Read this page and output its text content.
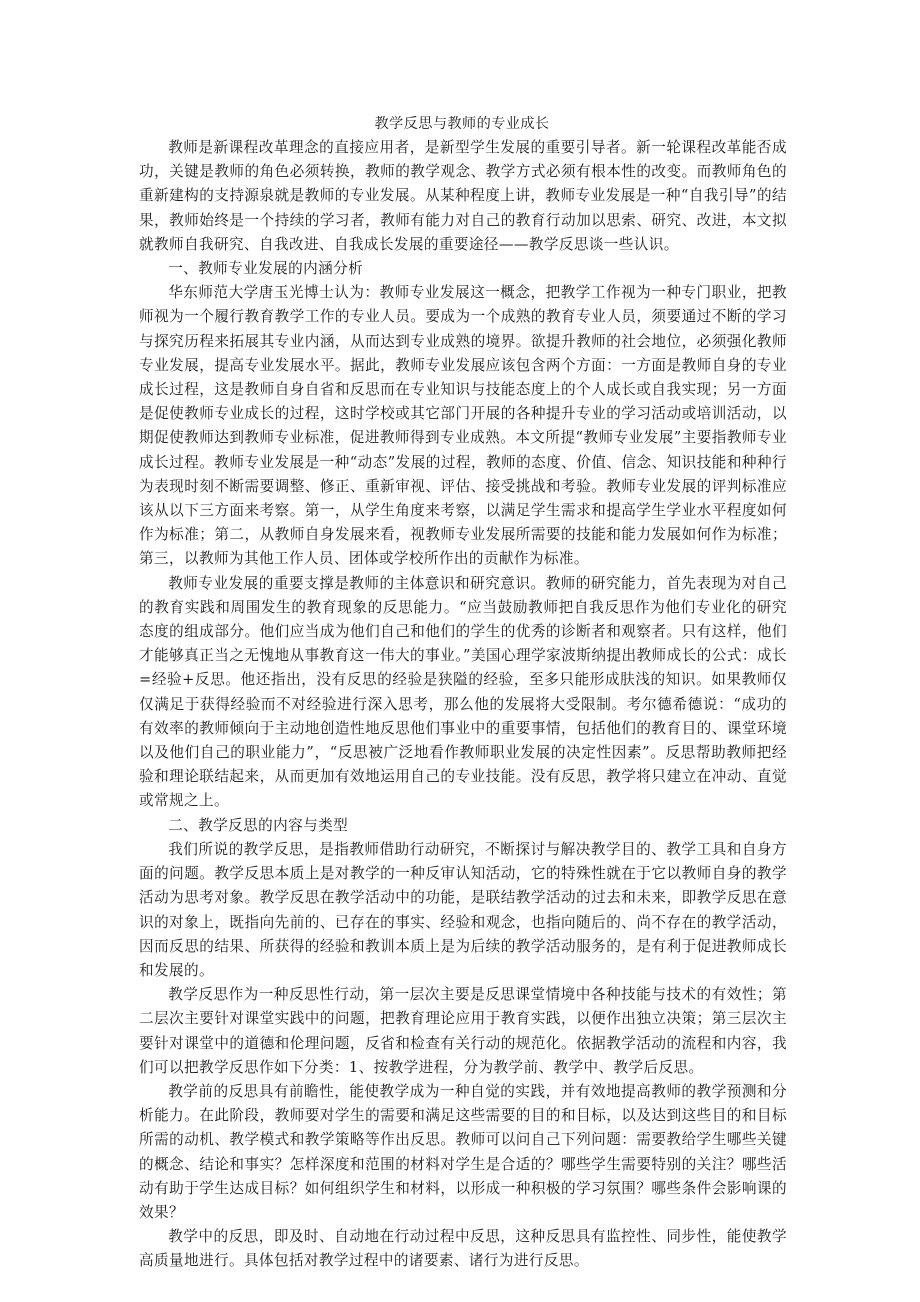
教学反思与教师的专业成长

教师是新课程改革理念的直接应用者，是新型学生发展的重要引导者。新一轮课程改革能否成功，关键是教师的角色必须转换，教师的教学观念、教学方式必须有根本性的改变。而教师角色的重新建构的支持源泉就是教师的专业发展。从某种程度上讲，教师专业发展是一种“自我引导”的结果，教师始终是一个持续的学习者，教师有能力对自己的教育行动加以思索、研究、改进，本文拟就教师自我研究、自我改进、自我成长发展的重要途径——教学反思谈一些认识。

一、教师专业发展的内涵分析

华东师范大学唐玉光博士认为：教师专业发展这一概念，把教学工作视为一种专门职业，把教师视为一个履行教育教学工作的专业人员。要成为一个成熟的教育专业人员，须要通过不断的学习与探究历程来拓展其专业内涵，从而达到专业成熟的境界。欲提升教师的社会地位，必须强化教师专业发展，提高专业发展水平。据此，教师专业发展应该包含两个方面：一方面是教师自身的专业成长过程，这是教师自身自省和反思而在专业知识与技能态度上的个人成长或自我实现；另一方面是促使教师专业成长的过程，这时学校或其它部门开展的各种提升专业的学习活动或培训活动，以期促使教师达到教师专业标准，促进教师得到专业成熟。本文所提“教师专业发展”主要指教师专业成长过程。教师专业发展是一种“动态”发展的过程，教师的态度、价值、信念、知识技能和种种行为表现时刻不断需要调整、修正、重新审视、评估、接受挑战和考验。教师专业发展的评判标准应该从以下三方面来考察。第一，从学生角度来考察，以满足学生需求和提高学生学业水平程度如何作为标准；第二，从教师自身发展来看，视教师专业发展所需要的技能和能力发展如何作为标准；第三，以教师为其他工作人员、团体或学校所作出的贡献作为标准。

教师专业发展的重要支撑是教师的主体意识和研究意识。教师的研究能力，首先表现为对自己的教育实践和周围发生的教育现象的反思能力。“应当鼓励教师把自我反思作为他们专业化的研究态度的组成部分。他们应当成为他们自己和他们的学生的优秀的诊断者和观察者。只有这样，他们才能够真正当之无愧地从事教育这一伟大的事业。”美国心理学家波斯纳提出教师成长的公式：成长=经验+反思。他还指出，没有反思的经验是狭隘的经验，至多只能形成肤浅的知识。如果教师仅仅满足于获得经验而不对经验进行深入思考，那么他的发展将大受限制。考尔德希德说：“成功的有效率的教师倾向于主动地创造性地反思他们事业中的重要事情，包括他们的教育目的、课堂环境以及他们自己的职业能力”，“反思被广泛地看作教师职业发展的决定性因素”。反思帮助教师把经验和理论联结起来，从而更加有效地运用自己的专业技能。没有反思，教学将只建立在冲动、直觉或常规之上。

二、教学反思的内容与类型

我们所说的教学反思，是指教师借助行动研究，不断探讨与解决教学目的、教学工具和自身方面的问题。教学反思本质上是对教学的一种反审认知活动，它的特殊性就在于它以教师自身的教学活动为思考对象。教学反思在教学活动中的功能，是联结教学活动的过去和未来，即教学反思在意识的对象上，既指向先前的、已存在的事实、经验和观念，也指向随后的、尚不存在的教学活动，因而反思的结果、所获得的经验和教训本质上是为后续的教学活动服务的，是有利于促进教师成长和发展的。

教学反思作为一种反思性行动，第一层次主要是反思课堂情境中各种技能与技术的有效性；第二层次主要针对课堂实践中的问题，把教育理论应用于教育实践，以便作出独立决策；第三层次主要针对课堂中的道德和伦理问题，反省和检查有关行动的规范化。依据教学活动的流程和内容，我们可以把教学反思作如下分类：1、按教学进程，分为教学前、教学中、教学后反思。

教学前的反思具有前瞻性，能使教学成为一种自觉的实践，并有效地提高教师的教学预测和分析能力。在此阶段，教师要对学生的需要和满足这些需要的目的和目标，以及达到这些目的和目标所需的动机、教学模式和教学策略等作出反思。教师可以问自己下列问题：需要教给学生哪些关键的概念、结论和事实？怎样深度和范围的材料对学生是合适的？哪些学生需要特别的关注？哪些活动有助于学生达成目标？如何组织学生和材料，以形成一种积极的学习氛围？哪些条件会影响课的效果？

教学中的反思，即及时、自动地在行动过程中反思，这种反思具有监控性、同步性，能使教学高质量地进行。具体包括对教学过程中的诸要素、诸行为进行反思。
